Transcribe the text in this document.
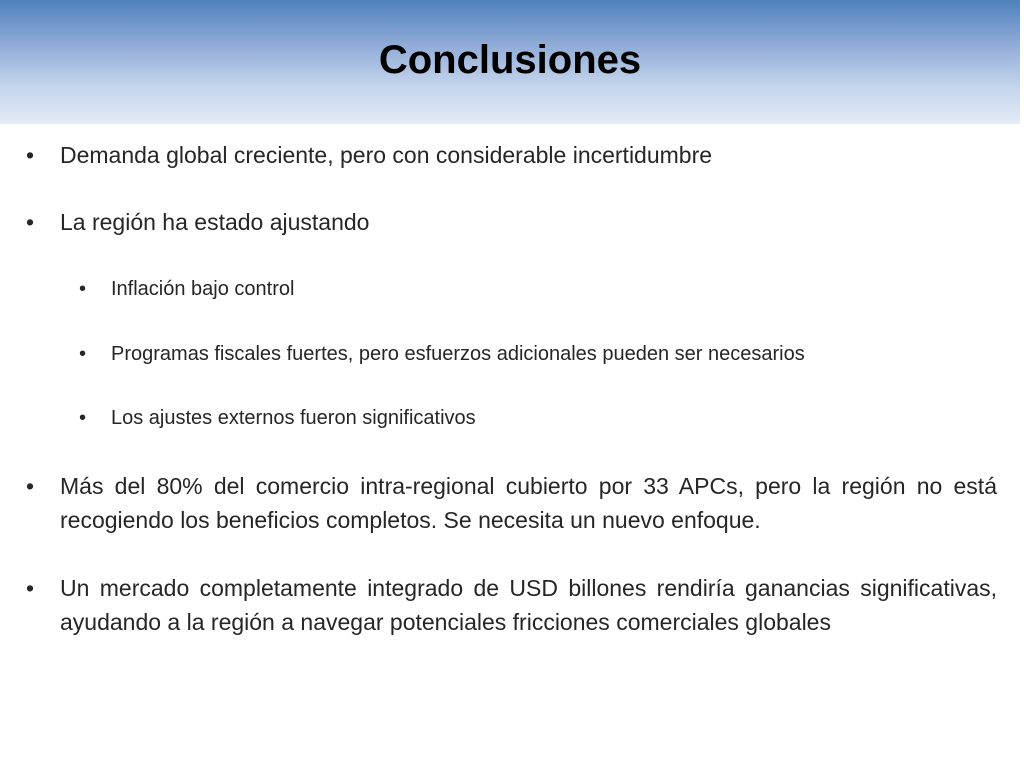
Conclusiones
• Demanda global creciente, pero con considerable incertidumbre
• La región ha estado ajustando
• Inflación bajo control
• Programas fiscales fuertes, pero esfuerzos adicionales pueden ser necesarios
• Los ajustes externos fueron significativos
• Más del 80% del comercio intra-regional cubierto por 33 APCs, pero la región no está recogiendo los beneficios completos. Se necesita un nuevo enfoque.
• Un mercado completamente integrado de USD billones rendiría ganancias significativas, ayudando a la región a navegar potenciales fricciones comerciales globales
